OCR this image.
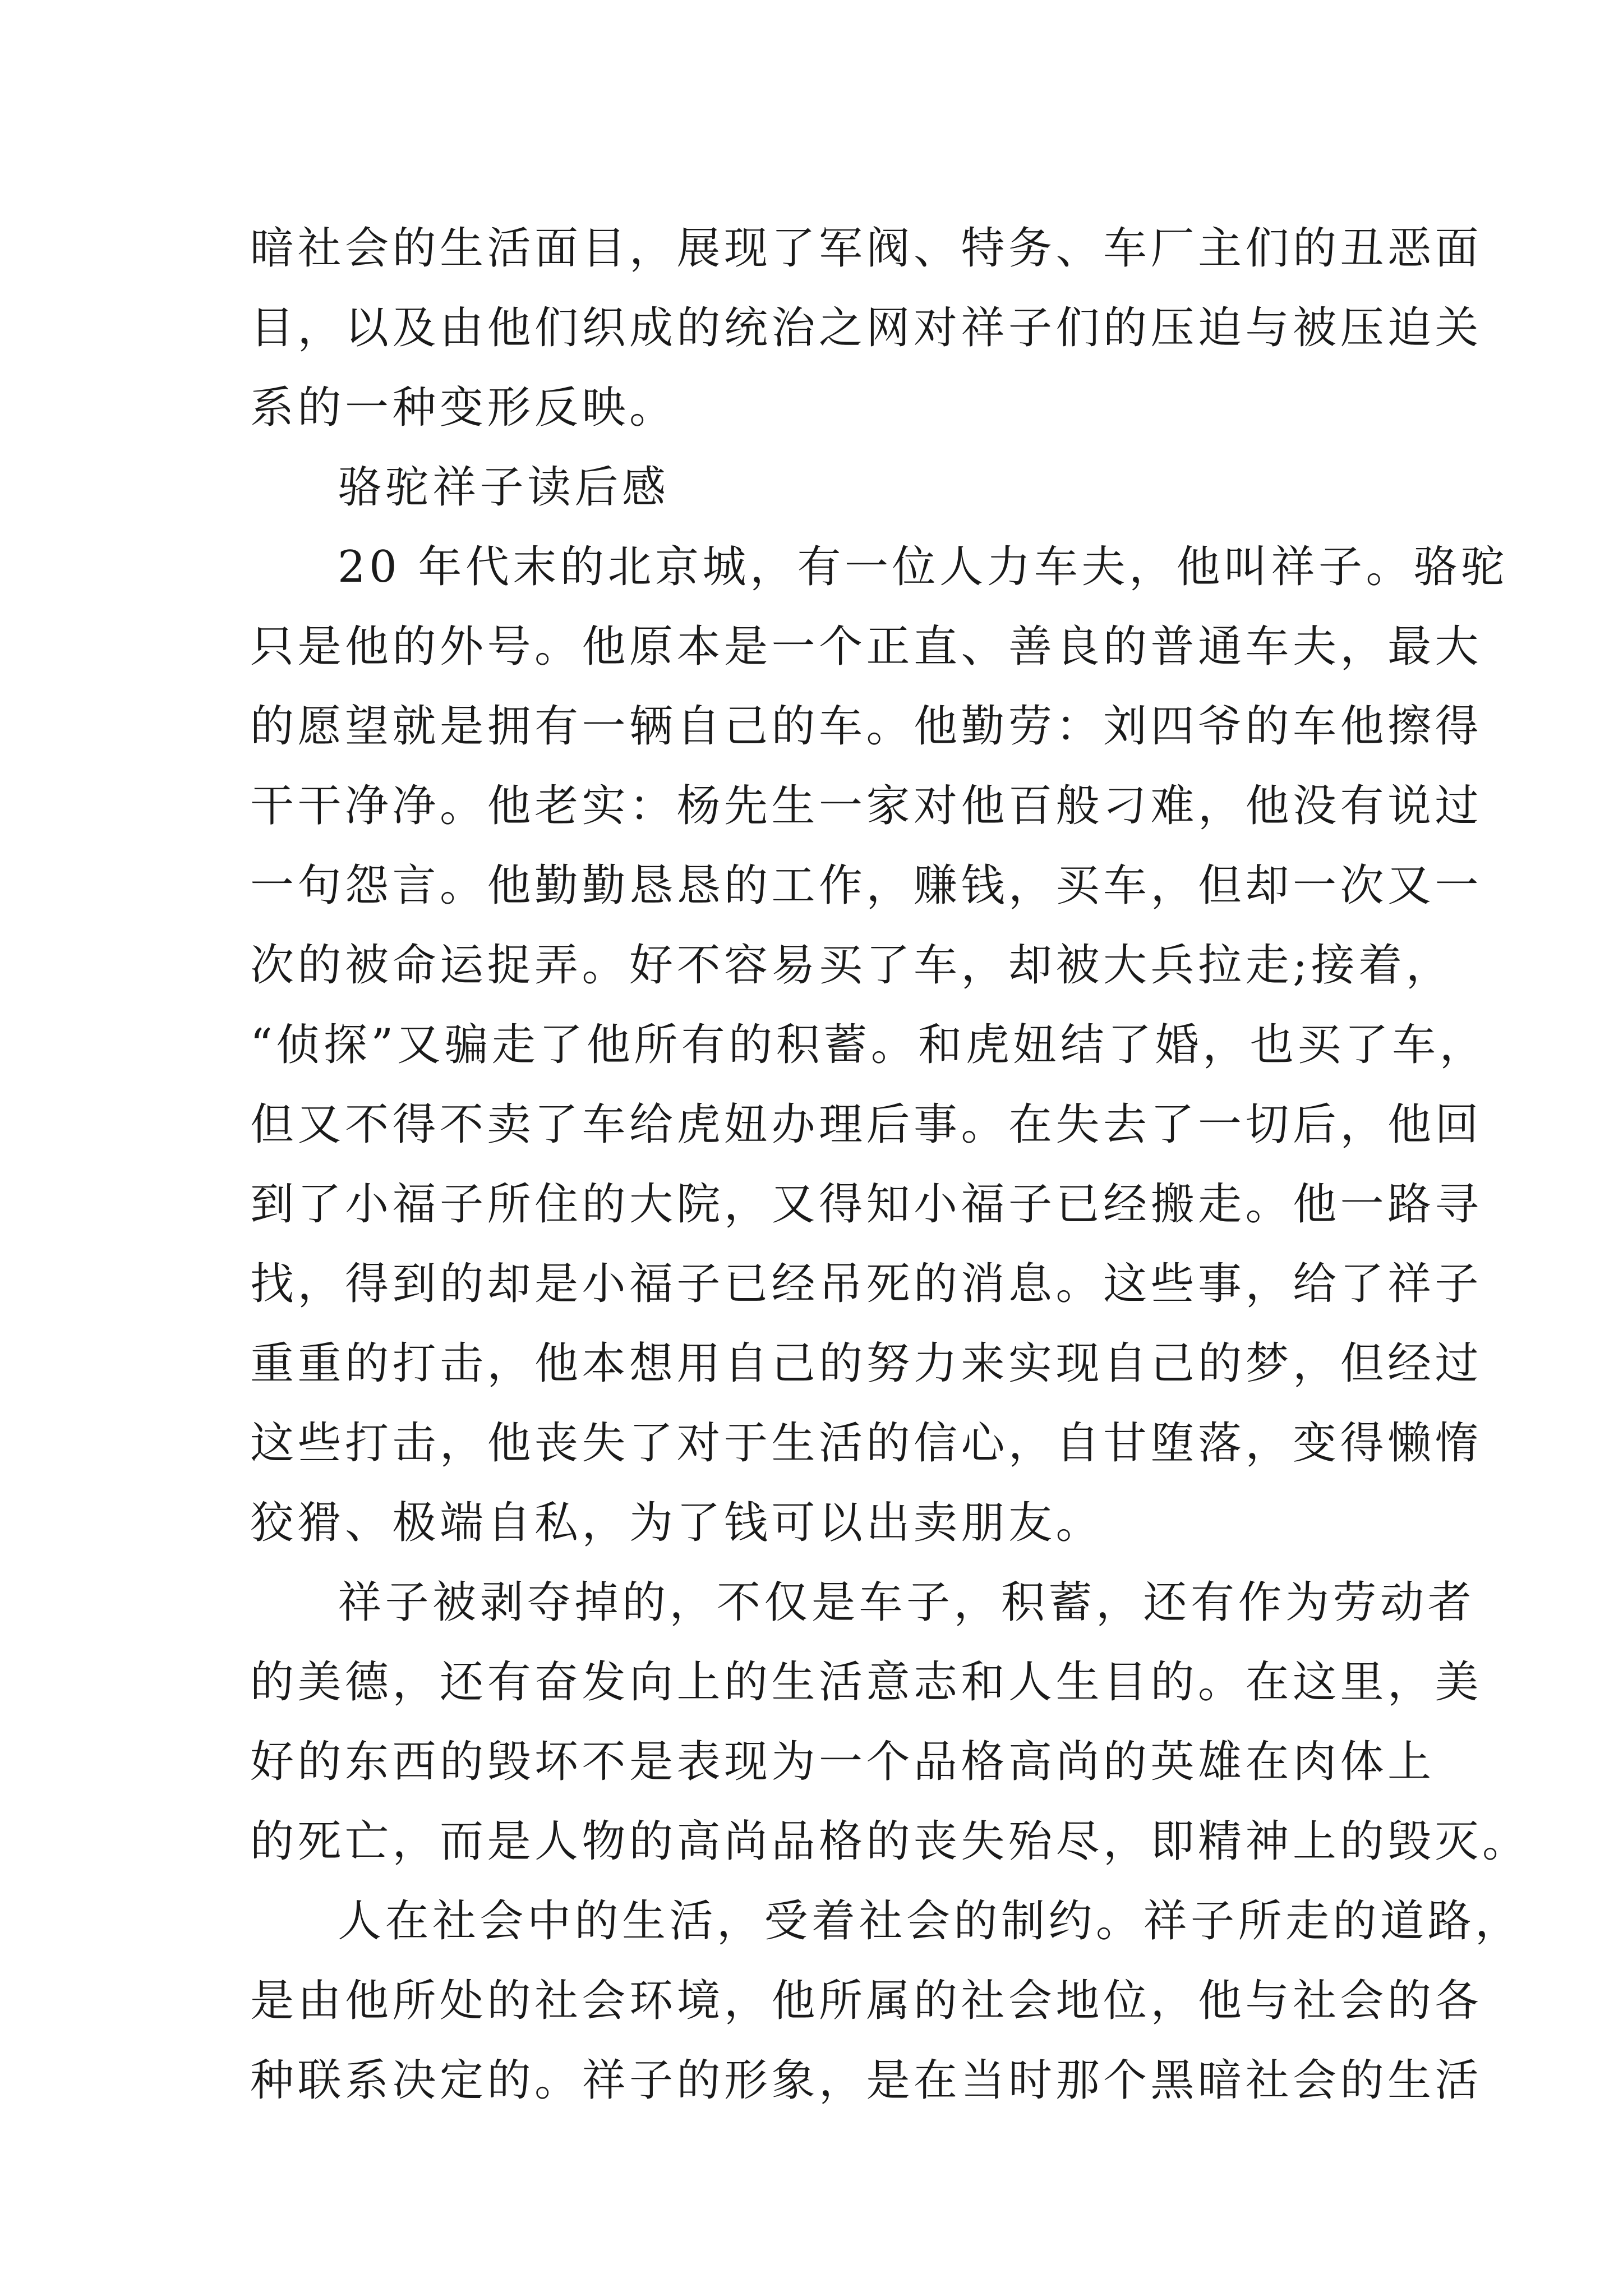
暗社会的生活面目，展现了军阀、特务、车厂主们的丑恶面
目，以及由他们织成的统治之网对祥子们的压迫与被压迫关
系的一种变形反映。
骆驼祥子读后感
20 年代末的北京城，有一位人力车夫，他叫祥子。骆驼
只是他的外号。他原本是一个正直、善良的普通车夫，最大
的愿望就是拥有一辆自己的车。他勤劳：刘四爷的车他擦得
干干净净。他老实：杨先生一家对他百般刁难，他没有说过
一句怨言。他勤勤恳恳的工作，赚钱，买车，但却一次又一
次的被命运捉弄。好不容易买了车，却被大兵拉走;接着，
“侦探”又骗走了他所有的积蓄。和虎妞结了婚，也买了车，
但又不得不卖了车给虎妞办理后事。在失去了一切后，他回
到了小福子所住的大院，又得知小福子已经搬走。他一路寻
找，得到的却是小福子已经吊死的消息。这些事，给了祥子
重重的打击，他本想用自己的努力来实现自己的梦，但经过
这些打击，他丧失了对于生活的信心，自甘堕落，变得懒惰
狡猾、极端自私，为了钱可以出卖朋友。
祥子被剥夺掉的，不仅是车子，积蓄，还有作为劳动者
的美德，还有奋发向上的生活意志和人生目的。在这里，美
好的东西的毁坏不是表现为一个品格高尚的英雄在肉体上
的死亡，而是人物的高尚品格的丧失殆尽，即精神上的毁灭。
人在社会中的生活，受着社会的制约。祥子所走的道路，
是由他所处的社会环境，他所属的社会地位，他与社会的各
种联系决定的。祥子的形象，是在当时那个黑暗社会的生活
